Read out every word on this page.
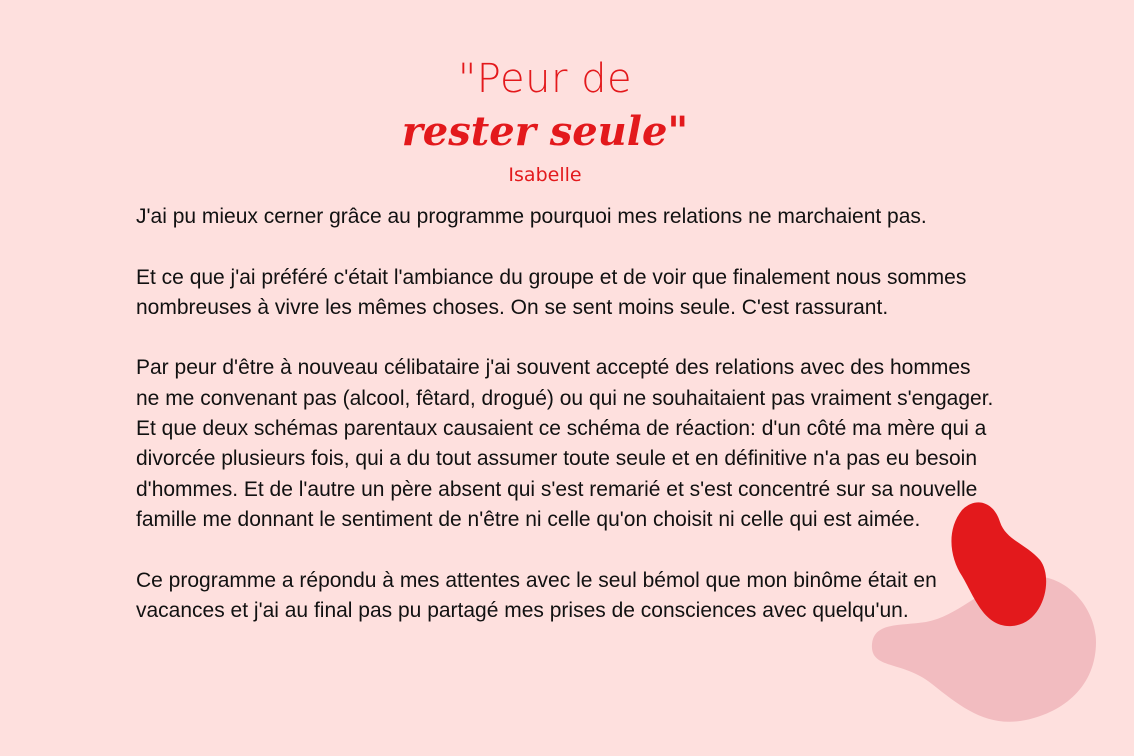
"Peur de
rester seule"
Isabelle

J'ai pu mieux cerner grâce au programme pourquoi mes relations ne marchaient pas.

Et ce que j'ai préféré c'était l'ambiance du groupe et de voir que finalement nous sommes nombreuses à vivre les mêmes choses. On se sent moins seule. C'est rassurant.

Par peur d'être à nouveau célibataire j'ai souvent accepté des relations avec des hommes ne me convenant pas (alcool, fêtard, drogué) ou qui ne souhaitaient pas vraiment s'engager. Et que deux schémas parentaux causaient ce schéma de réaction: d'un côté ma mère qui a divorcée plusieurs fois, qui a du tout assumer toute seule et en définitive n'a pas eu besoin d'hommes. Et de l'autre un père absent qui s'est remarié et s'est concentré sur sa nouvelle famille me donnant le sentiment de n'être ni celle qu'on choisit ni celle qui est aimée.

Ce programme a répondu à mes attentes avec le seul bémol que mon binôme était en vacances et j'ai au final pas pu partagé mes prises de consciences avec quelqu'un.
